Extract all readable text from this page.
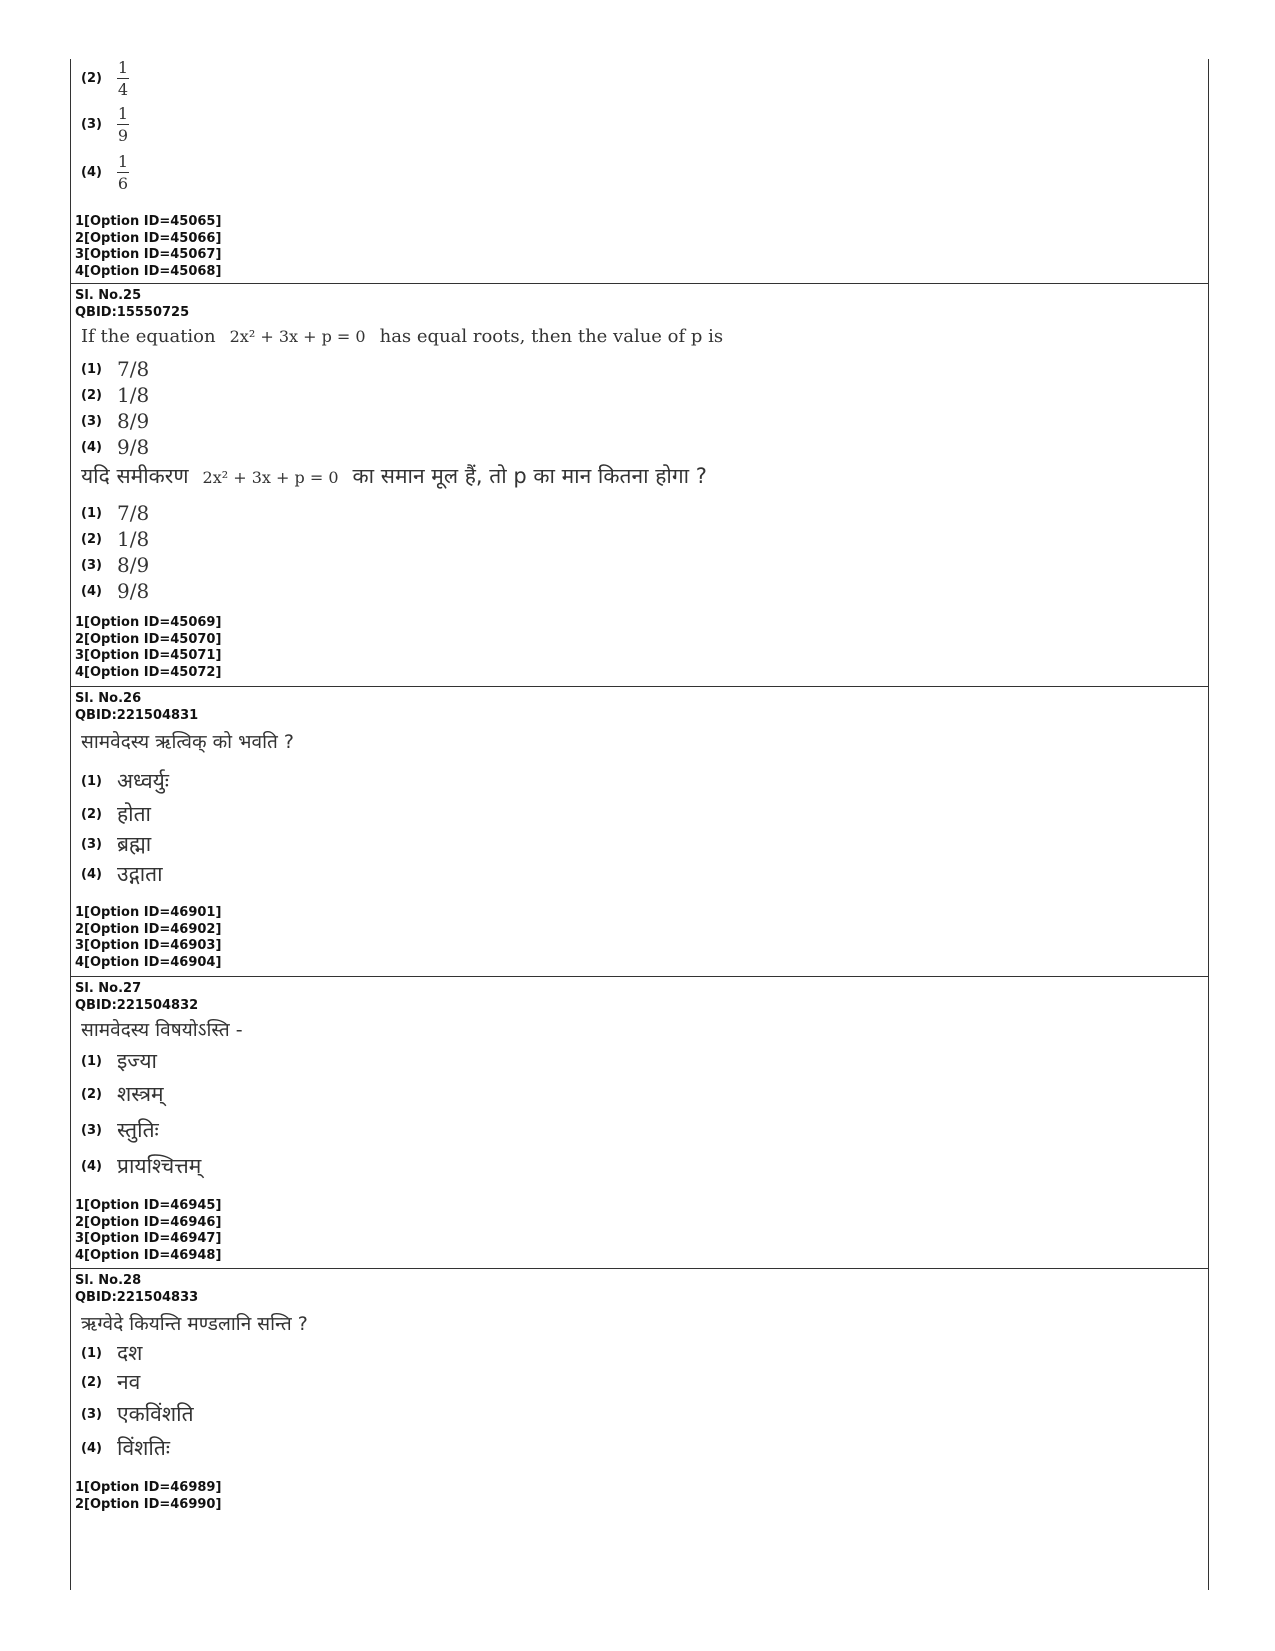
$(2) \frac{1}{4}$
$(3) \frac{1}{9}$
$(4) \frac{1}{6}$
1[Option ID=45065]
2[Option ID=45066]
3[Option ID=45067]
4[Option ID=45068]
Sl. No.25
QBID:15550725
If the equation 2x² + 3x + p = 0 has equal roots, then the value of p is
(1) 7/8
(2) 1/8
(3) 8/9
(4) 9/8
यदि समीकरण 2x² + 3x + p = 0 का समान मूल हैं, तो p का मान कितना होगा ?
(1) 7/8
(2) 1/8
(3) 8/9
(4) 9/8
1[Option ID=45069]
2[Option ID=45070]
3[Option ID=45071]
4[Option ID=45072]
Sl. No.26
QBID:221504831
सामवेदस्य ऋत्विक् को भवति ?
(1) अध्वर्युः
(2) होता
(3) ब्रह्मा
(4) उद्गाता
1[Option ID=46901]
2[Option ID=46902]
3[Option ID=46903]
4[Option ID=46904]
Sl. No.27
QBID:221504832
सामवेदस्य विषयोऽस्ति -
(1) इज्या
(2) शस्त्रम्
(3) स्तुतिः
(4) प्रायश्चित्तम्
1[Option ID=46945]
2[Option ID=46946]
3[Option ID=46947]
4[Option ID=46948]
Sl. No.28
QBID:221504833
ऋग्वेदे कियन्ति मण्डलानि सन्ति ?
(1) दश
(2) नव
(3) एकविंशति
(4) विंशतिः
1[Option ID=46989]
2[Option ID=46990]
